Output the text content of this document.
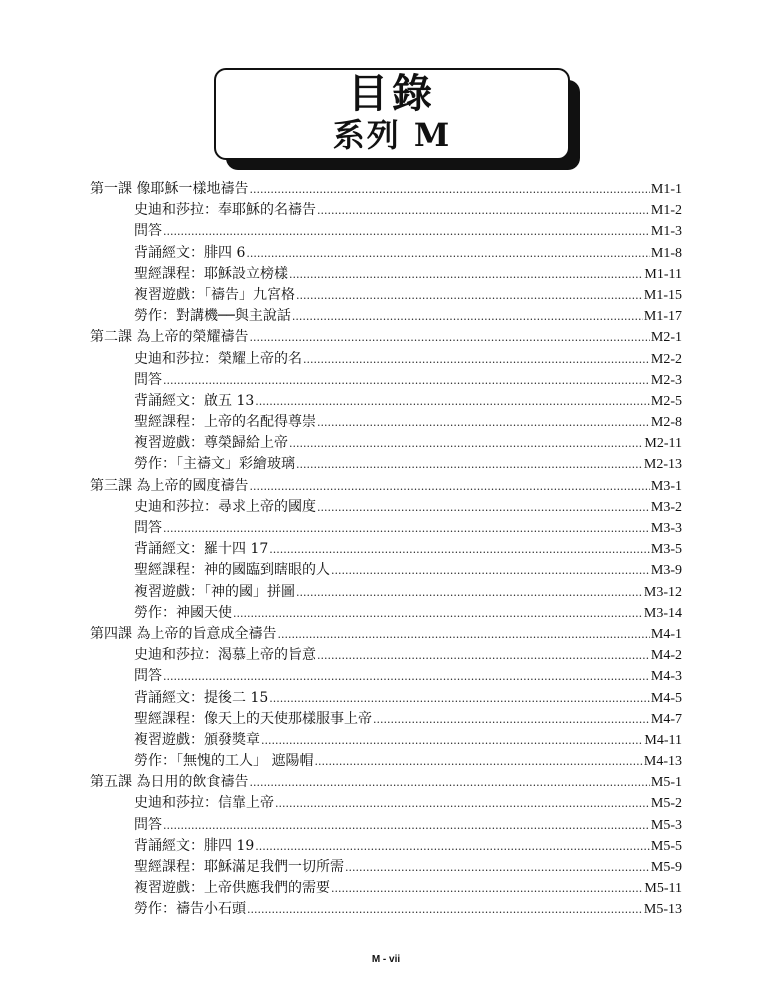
目錄
系列 M
第一課 像耶穌一樣地禱告 .....	M1-1
史迪和莎拉：奉耶穌的名禱告 .....	M1-2
問答 .....	M1-3
背誦經文：腓四 6 .....	M1-8
聖經課程：耶穌設立榜樣 .....	M1-11
複習遊戲：「禱告」九宮格 .....	M1-15
勞作：對講機──與主說話 .....	M1-17
第二課 為上帝的榮耀禱告 .....	M2-1
史迪和莎拉：榮耀上帝的名 .....	M2-2
問答 .....	M2-3
背誦經文：啟五 13 .....	M2-5
聖經課程：上帝的名配得尊崇 .....	M2-8
複習遊戲：尊榮歸給上帝 .....	M2-11
勞作：「主禱文」彩繪玻璃 .....	M2-13
第三課 為上帝的國度禱告 .....	M3-1
史迪和莎拉：尋求上帝的國度 .....	M3-2
問答 .....	M3-3
背誦經文：羅十四 17 .....	M3-5
聖經課程：神的國臨到瞎眼的人 .....	M3-9
複習遊戲：「神的國」拼圖 .....	M3-12
勞作：神國天使 .....	M3-14
第四課 為上帝的旨意成全禱告 .....	M4-1
史迪和莎拉：渴慕上帝的旨意 .....	M4-2
問答 .....	M4-3
背誦經文：提後二 15 .....	M4-5
聖經課程：像天上的天使那樣服事上帝 .....	M4-7
複習遊戲：頒發獎章 .....	M4-11
勞作：「無愧的工人」 遮陽帽 .....	M4-13
第五課 為日用的飲食禱告 .....	M5-1
史迪和莎拉：信靠上帝 .....	M5-2
問答 .....	M5-3
背誦經文：腓四 19 .....	M5-5
聖經課程：耶穌滿足我們一切所需 .....	M5-9
複習遊戲：上帝供應我們的需要 .....	M5-11
勞作：禱告小石頭 .....	M5-13
M - vii
